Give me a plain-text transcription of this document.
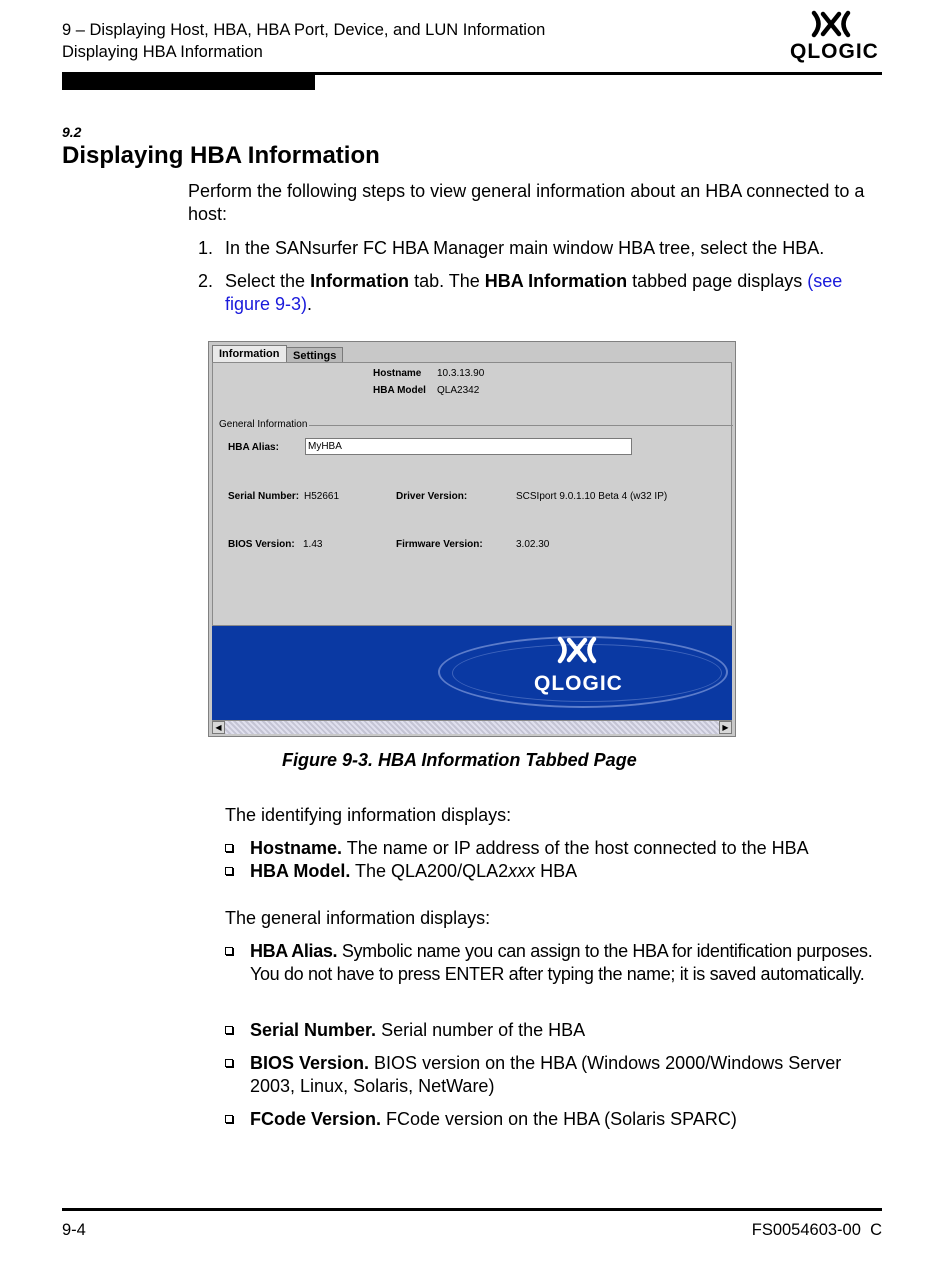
9 – Displaying Host, HBA, HBA Port, Device, and LUN Information
Displaying HBA Information	QLOGIC
9.2
Displaying HBA Information
Perform the following steps to view general information about an HBA connected to a host:
1. In the SANsurfer FC HBA Manager main window HBA tree, select the HBA.
2. Select the Information tab. The HBA Information tabbed page displays (see figure 9-3).
Information	Settings
Hostname 10.3.13.90
HBA Model QLA2342
General Information
HBA Alias:	MyHBA
Serial Number: H52661	Driver Version:	SCSIport 9.0.1.10 Beta 4 (w32 IP)
BIOS Version: 1.43	Firmware Version:	3.02.30
QLOGIC
◀	▶
Figure 9-3. HBA Information Tabbed Page
The identifying information displays:
Hostname. The name or IP address of the host connected to the HBA
HBA Model. The QLA200/QLA2xxx HBA
The general information displays:
HBA Alias. Symbolic name you can assign to the HBA for identification purposes. You do not have to press ENTER after typing the name; it is saved automatically.
Serial Number. Serial number of the HBA
BIOS Version. BIOS version on the HBA (Windows 2000/Windows Server 2003, Linux, Solaris, NetWare)
FCode Version. FCode version on the HBA (Solaris SPARC)
9-4	FS0054603-00  C
